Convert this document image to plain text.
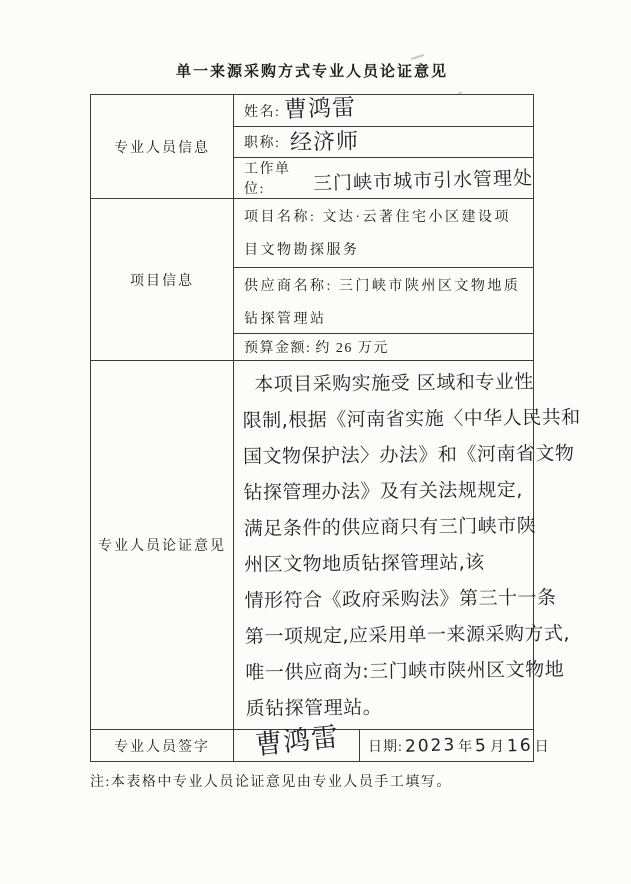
单一来源采购方式专业人员论证意见
专业人员信息
姓名: 曹鸿雷
职称: 经济师
工作单位:	三门峡市城市引水管理处
项目信息
项目名称: 文达·云著住宅小区建设项目文物勘探服务
供应商名称: 三门峡市陕州区文物地质钻探管理站
预算金额: 约 26 万元
专业人员论证意见
本项目采购实施受 区域和专业性
限制,根据《河南省实施〈中华人民共和
国文物保护法〉办法》和《河南省文物
钻探管理办法》及有关法规规定,
满足条件的供应商只有三门峡市陕
州区文物地质钻探管理站,该
情形符合《政府采购法》第三十一条
第一项规定,应采用单一来源采购方式,
唯一供应商为:三门峡市陕州区文物地
质钻探管理站。
专业人员签字	曹鸿雷 日期: 2023 年 5 月 16 日
注:本表格中专业人员论证意见由专业人员手工填写。
